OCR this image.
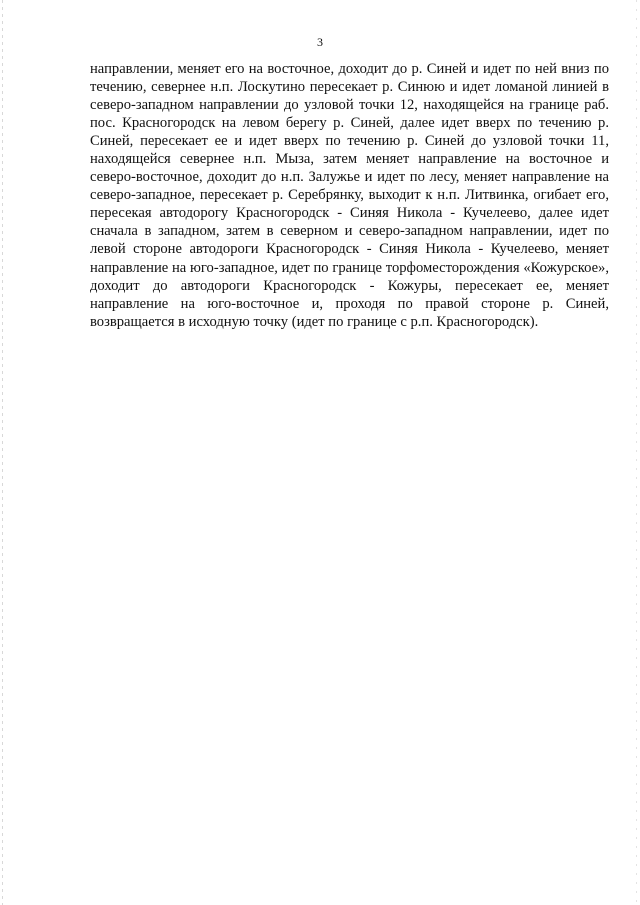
3

направлении, меняет его на восточное, доходит до р. Синей и идет по ней вниз по течению, севернее н.п. Лоскутино пересекает р. Синюю и идет ломаной линией в северо-западном направлении до узловой точки 12, находящейся на границе раб. пос. Красногородск на левом берегу р. Синей, далее идет вверх по течению р. Синей, пересекает ее и идет вверх по течению р. Синей до узловой точки 11, находящейся севернее н.п. Мыза, затем меняет направление на восточное и северо-восточное, доходит до н.п. Залужье и идет по лесу, меняет направление на северо-западное, пересекает р. Серебрянку, выходит к н.п. Литвинка, огибает его, пересекая автодорогу Красногородск - Синяя Никола - Кучелеево, далее идет сначала в западном, затем в северном и северо-западном направлении, идет по левой стороне автодороги Красногородск - Синяя Никола - Кучелеево, меняет направление на юго-западное, идет по границе торфоместорождения «Кожурское», доходит до автодороги Красногородск - Кожуры, пересекает ее, меняет направление на юго-восточное и, проходя по правой стороне р. Синей, возвращается в исходную точку (идет по границе с р.п. Красногородск).
